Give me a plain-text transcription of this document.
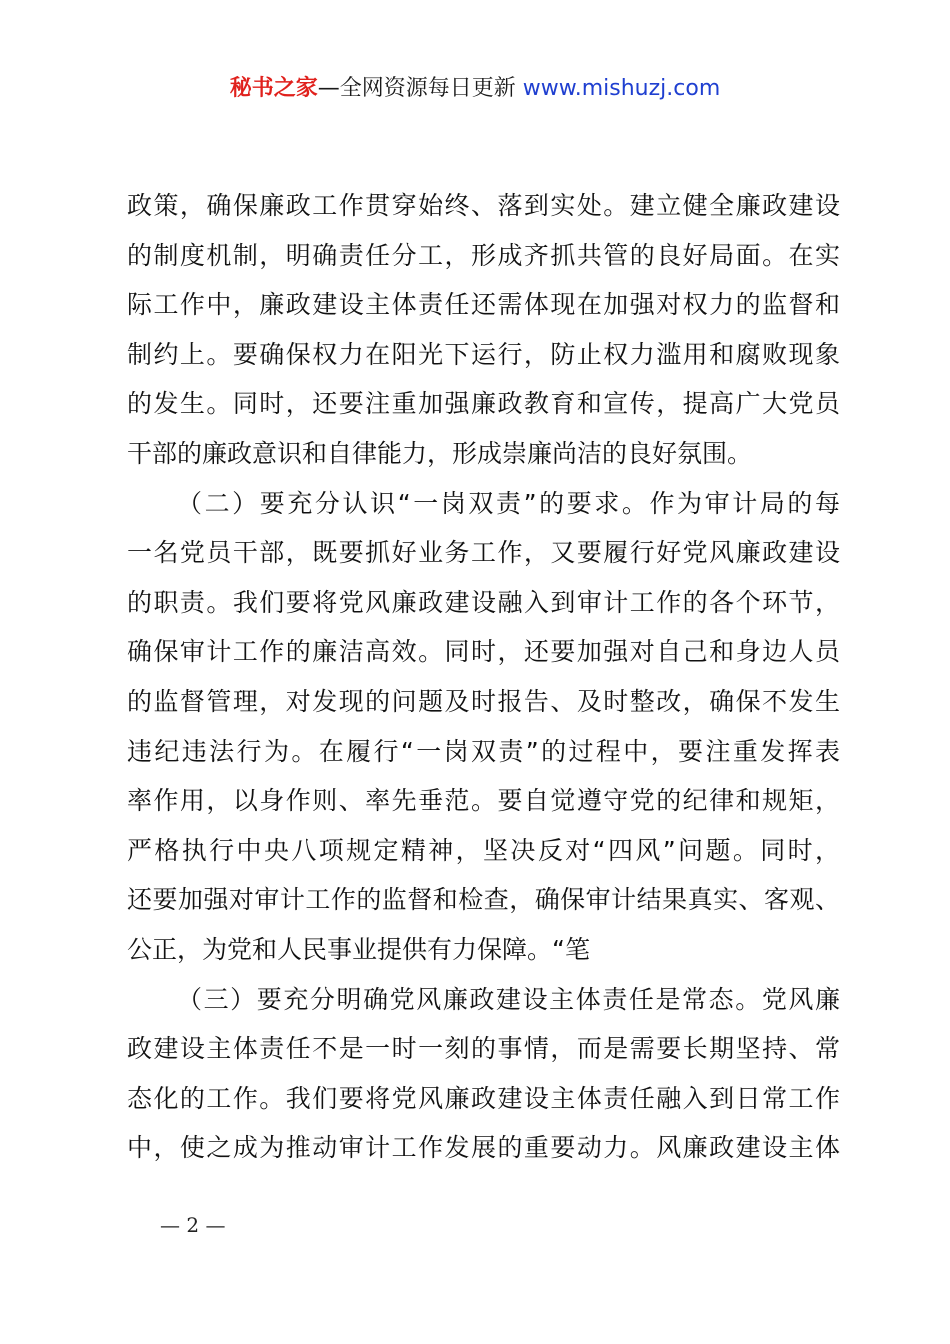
秘书之家—全网资源每日更新 www.mishuzj.com
政策，确保廉政工作贯穿始终、落到实处。建立健全廉政建设
的制度机制，明确责任分工，形成齐抓共管的良好局面。在实
际工作中，廉政建设主体责任还需体现在加强对权力的监督和
制约上。要确保权力在阳光下运行，防止权力滥用和腐败现象
的发生。同时，还要注重加强廉政教育和宣传，提高广大党员
干部的廉政意识和自律能力，形成崇廉尚洁的良好氛围。
（二）要充分认识“一岗双责”的要求。作为审计局的每
一名党员干部，既要抓好业务工作，又要履行好党风廉政建设
的职责。我们要将党风廉政建设融入到审计工作的各个环节，
确保审计工作的廉洁高效。同时，还要加强对自己和身边人员
的监督管理，对发现的问题及时报告、及时整改，确保不发生
违纪违法行为。在履行“一岗双责”的过程中，要注重发挥表
率作用，以身作则、率先垂范。要自觉遵守党的纪律和规矩，
严格执行中央八项规定精神，坚决反对“四风”问题。同时，
还要加强对审计工作的监督和检查，确保审计结果真实、客观、
公正，为党和人民事业提供有力保障。“笔
（三）要充分明确党风廉政建设主体责任是常态。党风廉
政建设主体责任不是一时一刻的事情，而是需要长期坚持、常
态化的工作。我们要将党风廉政建设主体责任融入到日常工作
中，使之成为推动审计工作发展的重要动力。风廉政建设主体
— 2 —
